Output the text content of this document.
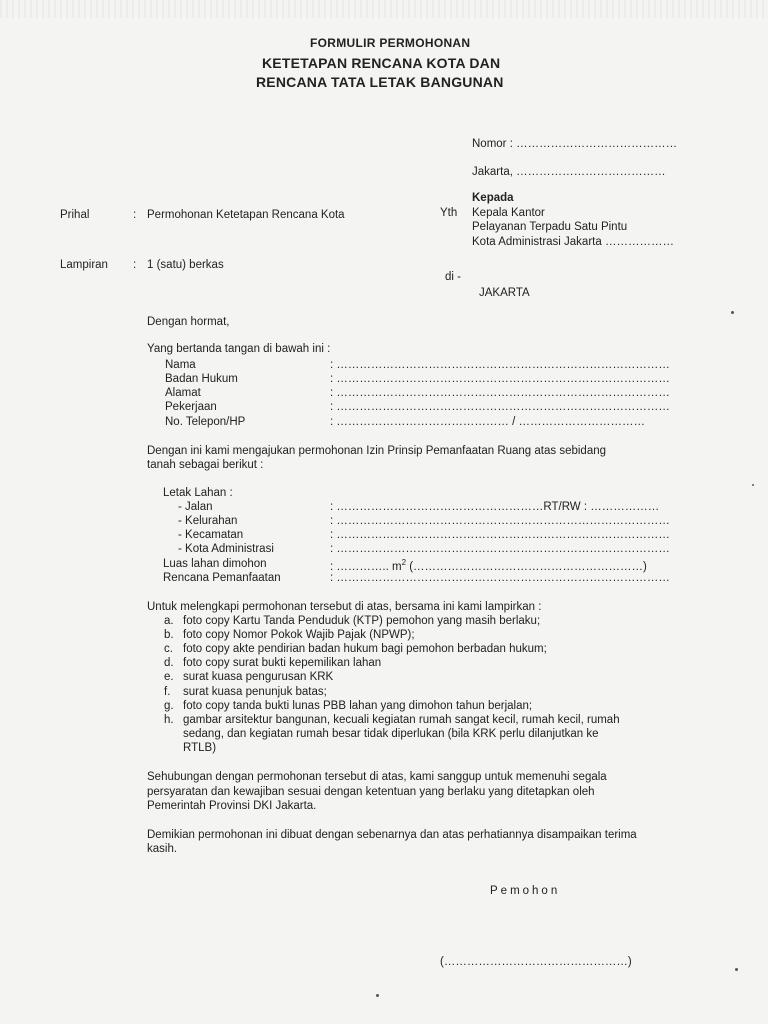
FORMULIR PERMOHONAN
KETETAPAN RENCANA KOTA DAN
RENCANA TATA LETAK BANGUNAN
Nomor : ……………………………………
Jakarta, …………………………………
Kepada
Yth Kepala Kantor
Pelayanan Terpadu Satu Pintu
Kota Administrasi Jakarta ………………
di -
JAKARTA
Prihal	: Permohonan Ketetapan Rencana Kota
Lampiran : 1 (satu) berkas
Dengan hormat,
Yang bertanda tangan di bawah ini :
Nama	: ……………………………………………………………………………
Badan Hukum	: ……………………………………………………………………………
Alamat	: ……………………………………………………………………………
Pekerjaan	: ……………………………………………………………………………
No. Telepon/HP	: ……………………………………… / ……………………………
Dengan ini kami mengajukan permohonan Izin Prinsip Pemanfaatan Ruang atas sebidang
tanah sebagai berikut :
Letak Lahan :
- Jalan	: ………………………………………………RT/RW : ………………
- Kelurahan	: ……………………………………………………………………………
- Kecamatan	: ……………………………………………………………………………
- Kota Administrasi	: ……………………………………………………………………………
Luas lahan dimohon	: ………….. $m^2$ (……………………………………………………)
Rencana Pemanfaatan	: ……………………………………………………………………………
Untuk melengkapi permohonan tersebut di atas, bersama ini kami lampirkan :
a. foto copy Kartu Tanda Penduduk (KTP) pemohon yang masih berlaku;
b. foto copy Nomor Pokok Wajib Pajak (NPWP);
c. foto copy akte pendirian badan hukum bagi pemohon berbadan hukum;
d. foto copy surat bukti kepemilikan lahan
e. surat kuasa pengurusan KRK
f. surat kuasa penunjuk batas;
g. foto copy tanda bukti lunas PBB lahan yang dimohon tahun berjalan;
h. gambar arsitektur bangunan, kecuali kegiatan rumah sangat kecil, rumah kecil, rumah
sedang, dan kegiatan rumah besar tidak diperlukan (bila KRK perlu dilanjutkan ke
RTLB)
Sehubungan dengan permohonan tersebut di atas, kami sanggup untuk memenuhi segala
persyaratan dan kewajiban sesuai dengan ketentuan yang berlaku yang ditetapkan oleh
Pemerintah Provinsi DKI Jakarta.
Demikian permohonan ini dibuat dengan sebenarnya dan atas perhatiannya disampaikan terima
kasih.
Pemohon
(…………………………………………)
